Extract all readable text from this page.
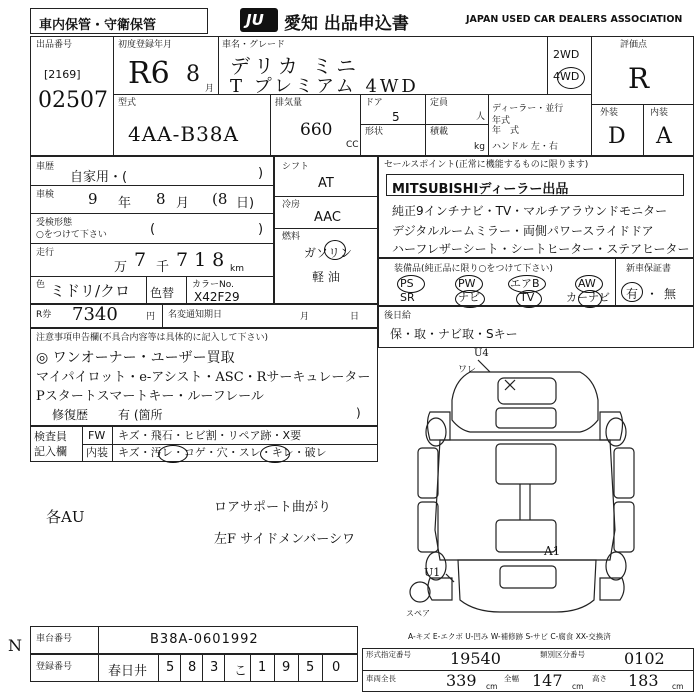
車内保管・守衛保管	JU 愛知 出品申込書	JAPAN USED CAR DEALERS ASSOCIATION
出品番号
[2169]
02507
初度登録年月
R6 8
月
車名・グレード
デリカ ミニ
T プレミアム 4WD
2WD
4WD
評価点
R
外装	内装
D A
型式
4AA-B38A
排気量
660
CC
ドア
5
形状
定員
人
積載
kg
ディーラー・並行
年式
年　式
ハンドル 左・右
車歴
自家用・(	)
車検 9 年 8 月 (8 日)
受検形態
○をつけて下さい	(	)
走行
万 7 千 718 km
色 ミドリ/クロ 色替
カラーNo.
X42F29
シフト
AT
冷房
AAC
燃料
ガソリン
軽 油
セールスポイント(正常に機能するものに限ります)
MITSUBISHIディーラー出品
純正9インチナビ・TV・マルチアラウンドモニター
デジタルルームミラー・両側パワースライドドア
ハーフレザーシート・シートヒーター・ステアヒーター
装備品(純正品に限り○をつけて下さい)	新車保証書
有 ・ 無
PS	PW	エアB	AW
SR	ナビ	TV	カーナビ
R券 7340	円 名変通知期日	月	日
注意事項申告欄(不具合内容等は具体的に記入して下さい)
◎ ワンオーナー・ユーザー買取
マイパイロット・e-アシスト・ASC・Rサーキュレーター
Pスタートスマートキー・ルーフレール
修復歴 有 (箇所	)
後日給
保・取・ナビ取・Sキー
検査員
記入欄
FW キズ・飛石・ヒビ割・リペア跡・X要
内装 キズ・汚レ・コゲ・穴・スレ・キレ・破レ
各AU
ロアサポート曲がり
左F サイドメンバーシワ
N
U4
ワレ
A1
U1
スペア
A-キズ E-エクボ U-凹み W-補修跡 S-サビ C-腐食 XX-交換済
車台番号	B38A-0601992
登録番号	春日井 5 8 3 こ 1 9 5 0
形式指定番号 19540	類別区分番号 0102
車両全長	339 cm
全幅 147 cm
高さ 183 cm
